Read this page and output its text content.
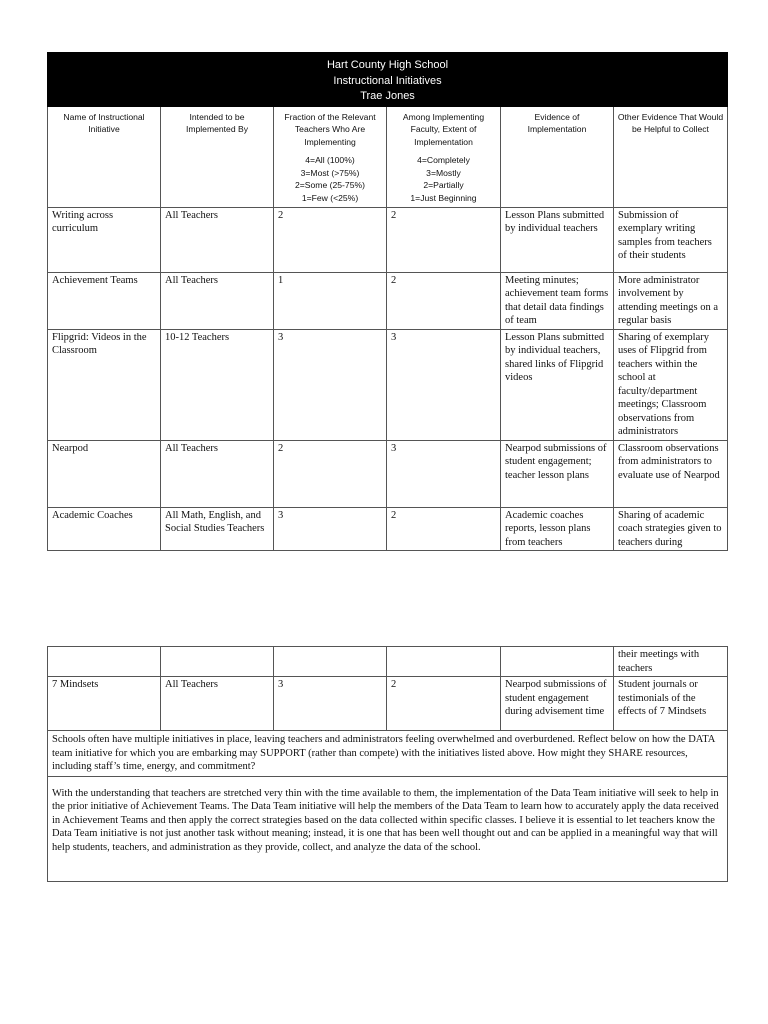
Hart County High School
Instructional Initiatives
Trae Jones					

Name of Instructional Initiative	Intended to be Implemented By	Fraction of the Relevant Teachers Who Are Implementing
4=All (100%)
3=Most (>75%)
2=Some (25-75%)
1=Few (<25%)	Among Implementing Faculty, Extent of Implementation
4=Completely
3=Mostly
2=Partially
1=Just Beginning	Evidence of Implementation	Other Evidence That Would be Helpful to Collect
Writing across curriculum	All Teachers	2	2	Lesson Plans submitted by individual teachers	Submission of exemplary writing samples from teachers of their students
Achievement Teams	All Teachers	1	2	Meeting minutes; achievement team forms that detail data findings of team	More administrator involvement by attending meetings on a regular basis
Flipgrid: Videos in the Classroom	10-12 Teachers	3	3	Lesson Plans submitted by individual teachers, shared links of Flipgrid videos	Sharing of exemplary uses of Flipgrid from teachers within the school at faculty/department meetings; Classroom observations from administrators
Nearpod	All Teachers	2	3	Nearpod submissions of student engagement; teacher lesson plans	Classroom observations from administrators to evaluate use of Nearpod
Academic Coaches	All Math, English, and Social Studies Teachers	3	2	Academic coaches reports, lesson plans from teachers	Sharing of academic coach strategies given to teachers during
					their meetings with teachers
7 Mindsets	All Teachers	3	2	Nearpod submissions of student engagement during advisement time	Student journals or testimonials of the effects of 7 Mindsets
Schools often have multiple initiatives in place, leaving teachers and administrators feeling overwhelmed and overburdened. Reflect below on how the DATA team initiative for which you are embarking may SUPPORT (rather than compete) with the initiatives listed above. How might they SHARE resources, including staff’s time, energy, and commitment?					
With the understanding that teachers are stretched very thin with the time available to them, the implementation of the Data Team initiative will seek to help in the prior initiative of Achievement Teams. The Data Team initiative will help the members of the Data Team to learn how to accurately apply the data received in Achievement Teams and then apply the correct strategies based on the data collected within specific classes. I believe it is essential to let teachers know the Data Team initiative is not just another task without meaning; instead, it is one that has been well thought out and can be applied in a meaningful way that will help students, teachers, and administration as they provide, collect, and analyze the data of the school.					
